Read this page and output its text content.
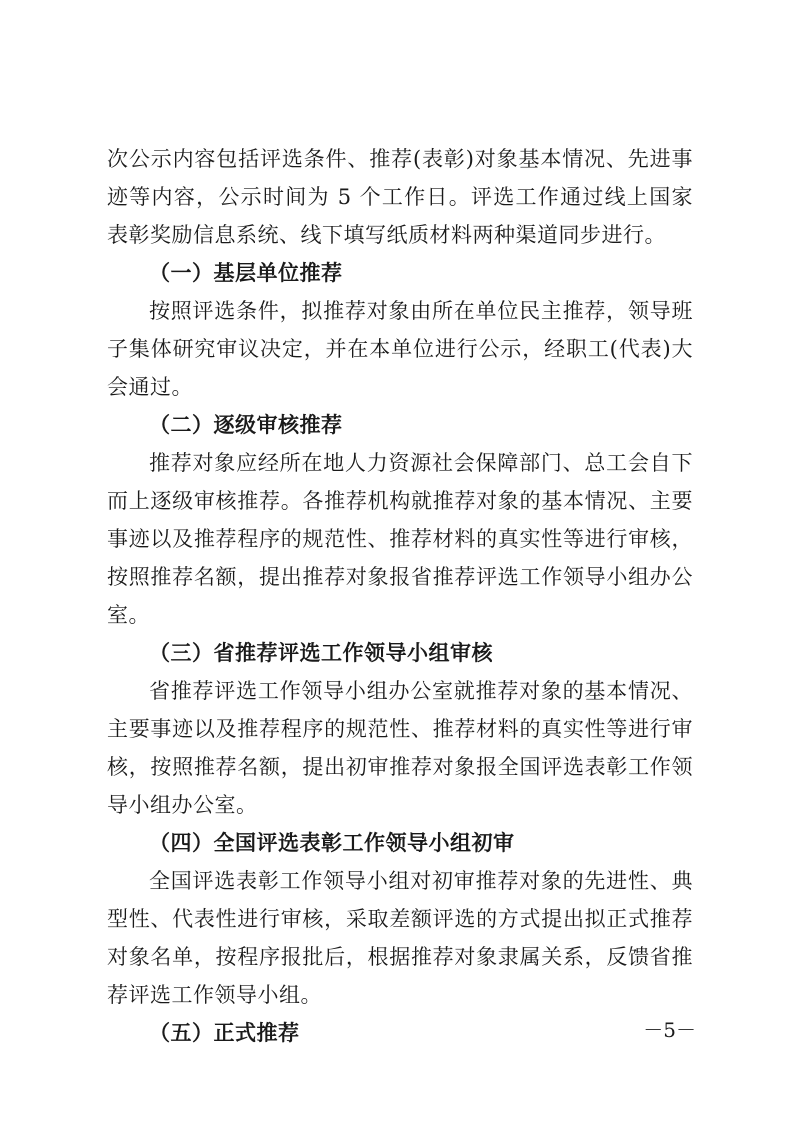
次公示内容包括评选条件、推荐(表彰)对象基本情况、先进事迹等内容，公示时间为 5 个工作日。评选工作通过线上国家表彰奖励信息系统、线下填写纸质材料两种渠道同步进行。

（一）基层单位推荐

按照评选条件，拟推荐对象由所在单位民主推荐，领导班子集体研究审议决定，并在本单位进行公示，经职工(代表)大会通过。

（二）逐级审核推荐

推荐对象应经所在地人力资源社会保障部门、总工会自下而上逐级审核推荐。各推荐机构就推荐对象的基本情况、主要事迹以及推荐程序的规范性、推荐材料的真实性等进行审核，按照推荐名额，提出推荐对象报省推荐评选工作领导小组办公室。

（三）省推荐评选工作领导小组审核

省推荐评选工作领导小组办公室就推荐对象的基本情况、主要事迹以及推荐程序的规范性、推荐材料的真实性等进行审核，按照推荐名额，提出初审推荐对象报全国评选表彰工作领导小组办公室。

（四）全国评选表彰工作领导小组初审

全国评选表彰工作领导小组对初审推荐对象的先进性、典型性、代表性进行审核，采取差额评选的方式提出拟正式推荐对象名单，按程序报批后，根据推荐对象隶属关系，反馈省推荐评选工作领导小组。

（五）正式推荐	－5－
